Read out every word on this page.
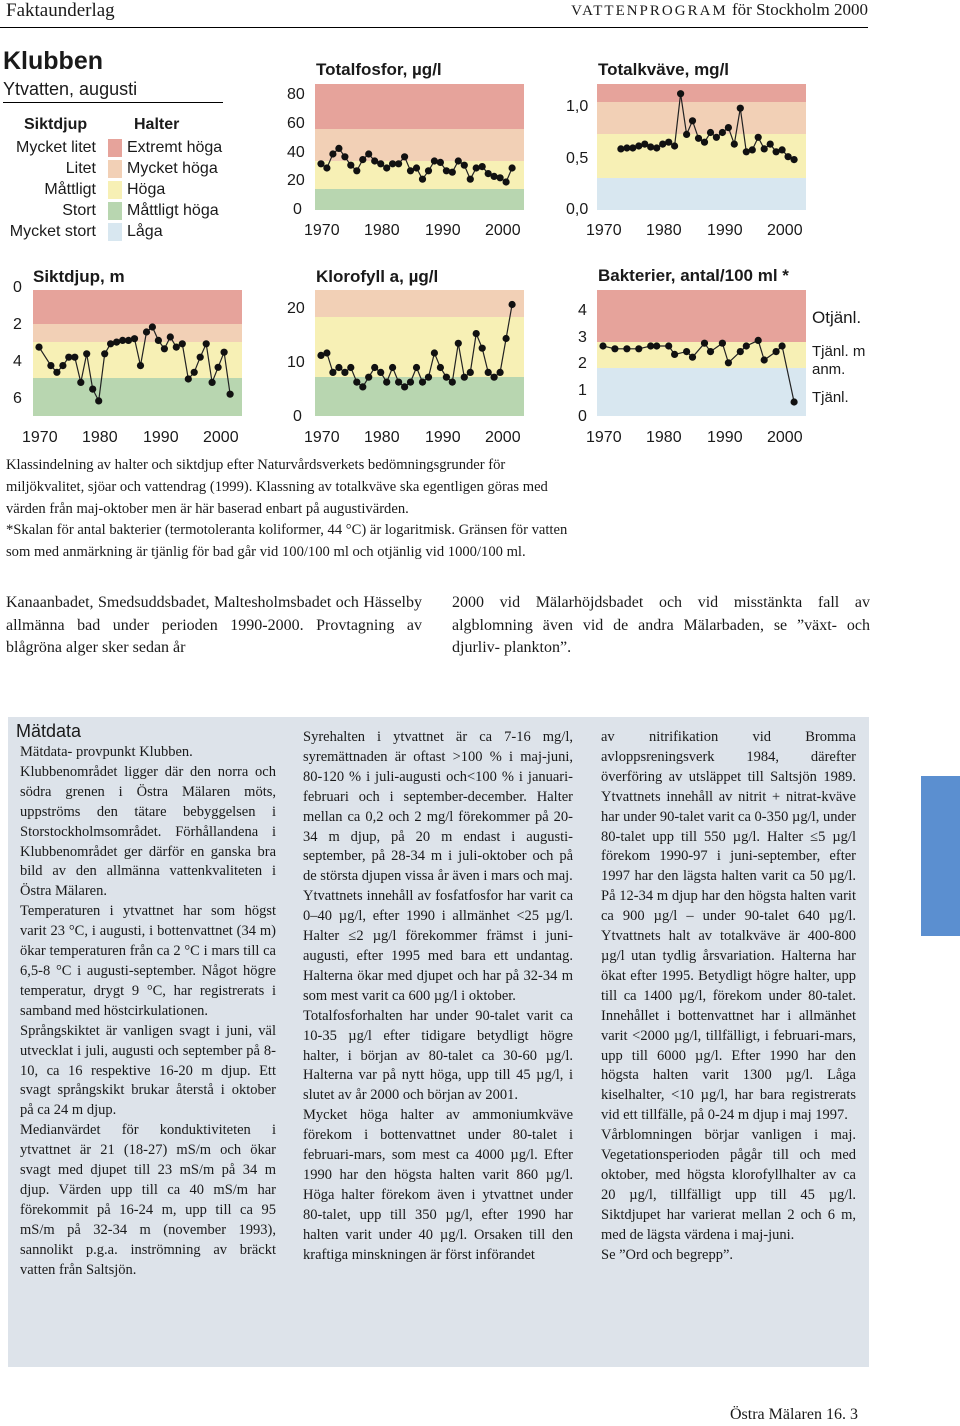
Faktaunderlag	VATTENPROGRAM för Stockholm 2000
Klubben
Ytvatten, augusti
Siktdjup	Halter
Mycket litet Extremt höga
Litet Mycket höga
Måttligt Höga
Stort Måttligt höga
Mycket stort Låga
Totalfosfor, µg/l
80
60
40
20
0
1970 1980 1990 2000
Totalkväve, mg/l
1,0
0,5
0,0
1970 1980 1990 2000
Siktdjup, m
0
2
4
6
1970 1980 1990 2000
Klorofyll a, µg/l
20
10
0
1970 1980 1990 2000
Bakterier, antal/100 ml *
4
3
2
1
0
1970 1980 1990 2000
Otjänl.
Tjänl. m anm.
Tjänl.
Klassindelning av halter och siktdjup efter Naturvårdsverkets bedömningsgrunder för
miljökvalitet, sjöar och vattendrag (1999). Klassning av totalkväve ska egentligen göras med
värden från maj-oktober men är här baserad enbart på augustivärden.
*Skalan för antal bakterier (termotoleranta koliformer, 44 °C) är logaritmisk. Gränsen för vatten
som med anmärkning är tjänlig för bad går vid 100/100 ml och otjänlig vid 1000/100 ml.
Kanaanbadet, Smedsuddsbadet, Maltesholmsbadet och Hässelby allmänna bad under perioden 1990-2000. Provtagning av blågröna alger sker sedan år
2000 vid Mälarhöjdsbadet och vid misstänkta fall av algblomning även vid de andra Mälarbaden, se ”växt- och djurliv- plankton”.
Mätdata

Mätdata- provpunkt Klubben.

Klubbenområdet ligger där den norra och södra grenen i Östra Mälaren möts, uppströms den tätare bebyggelsen i Storstockholmsområdet. Förhållandena i Klubbenområdet ger därför en ganska bra bild av den allmänna vattenkvaliteten i Östra Mälaren.

Temperaturen i ytvattnet har som högst varit 23 °C, i augusti, i bottenvattnet (34 m) ökar temperaturen från ca 2 °C i mars till ca 6,5-8 °C i augusti-september. Något högre temperatur, drygt 9 °C, har registrerats i samband med höstcirkulationen.

Språngskiktet är vanligen svagt i juni, väl utvecklat i juli, augusti och september på 8-10, ca 16 respektive 16-20 m djup. Ett svagt språngskikt brukar återstå i oktober på ca 24 m djup.

Medianvärdet för konduktiviteten i ytvattnet är 21 (18-27) mS/m och ökar svagt med djupet till 23 mS/m på 34 m djup. Värden upp till ca 40 mS/m har förekommit på 16-24 m, upp till ca 95 mS/m på 32-34 m (november 1993), sannolikt p.g.a. inströmning av bräckt vatten från Saltsjön.

Syrehalten i ytvattnet är ca 7-16 mg/l, syremättnaden är oftast >100 % i maj-juni, 80-120 % i juli-augusti och<100 % i januari-februari och i september-december. Halter mellan ca 0,2 och 2 mg/l förekommer på 20-34 m djup, på 20 m endast i augusti-september, på 28-34 m i juli-oktober och på de största djupen vissa år även i mars och maj.

Ytvattnets innehåll av fosfatfosfor har varit ca 0–40 µg/l, efter 1990 i allmänhet <25 µg/l. Halter ≤2 µg/l förekommer främst i juni-augusti, efter 1995 med bara ett undantag. Halterna ökar med djupet och har på 32-34 m som mest varit ca 600 µg/l i oktober.

Totalfosforhalten har under 90-talet varit ca 10-35 µg/l efter tidigare betydligt högre halter, i början av 80-talet ca 30-60 µg/l. Halterna var på nytt höga, upp till 45 µg/l, i slutet av år 2000 och början av 2001.

Mycket höga halter av ammoniumkväve förekom i bottenvattnet under 80-talet i februari-mars, som mest ca 4000 µg/l. Efter 1990 har den högsta halten varit 860 µg/l. Höga halter förekom även i ytvattnet under 80-talet, upp till 350 µg/l, efter 1990 har halten varit under 40 µg/l. Orsaken till den kraftiga minskningen är först införandet

av nitrifikation vid Bromma avloppsreningsverk 1984, därefter överföring av utsläppet till Saltsjön 1989. Ytvattnets innehåll av nitrit + nitrat-kväve har under 90-talet varit ca 0-350 µg/l, under 80-talet upp till 550 µg/l. Halter ≤5 µg/l förekom 1990-97 i juni-september, efter 1997 har den lägsta halten varit ca 50 µg/l. På 12-34 m djup har den högsta halten varit ca 900 µg/l – under 90-talet 640 µg/l. Ytvattnets halt av totalkväve är 400-800 µg/l utan tydlig årsvariation. Halterna har ökat efter 1995. Betydligt högre halter, upp till ca 1400 µg/l, förekom under 80-talet. Innehållet i bottenvattnet har i allmänhet varit <2000 µg/l, tillfälligt, i februari-mars, upp till 6000 µg/l. Efter 1990 har den högsta halten varit 1300 µg/l. Låga kiselhalter, <10 µg/l, har bara registrerats vid ett tillfälle, på 0-24 m djup i maj 1997.

Vårblomningen börjar vanligen i maj. Vegetationsperioden pågår till och med oktober, med högsta klorofyllhalter av ca 20 µg/l, tillfälligt upp till 45 µg/l. Siktdjupet har varierat mellan 2 och 6 m, med de lägsta värdena i maj-juni.

Se ”Ord och begrepp”.

Östra Mälaren 16. 3
